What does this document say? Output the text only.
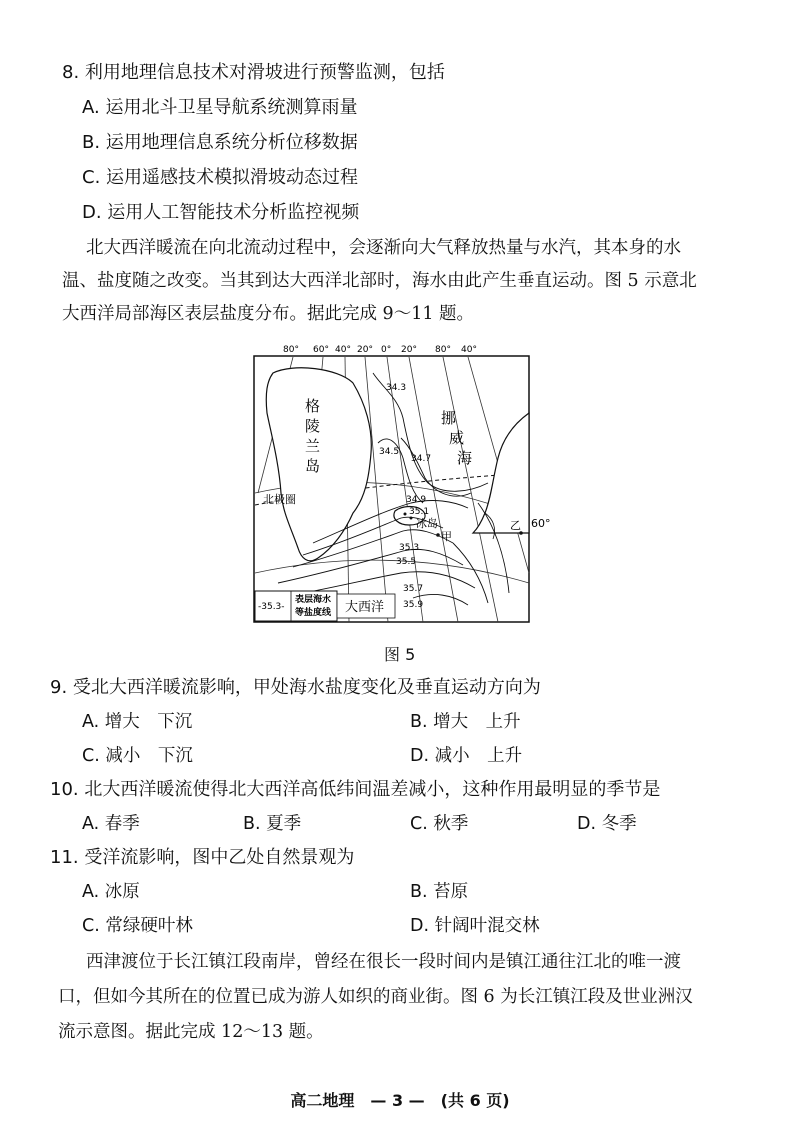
8. 利用地理信息技术对滑坡进行预警监测，包括
A. 运用北斗卫星导航系统测算雨量
B. 运用地理信息系统分析位移数据
C. 运用遥感技术模拟滑坡动态过程
D. 运用人工智能技术分析监控视频
北大西洋暖流在向北流动过程中，会逐渐向大气释放热量与水汽，其本身的水
温、盐度随之改变。当其到达大西洋北部时，海水由此产生垂直运动。图 5 示意北
大西洋局部海区表层盐度分布。据此完成 9～11 题。
80° 60° 40° 20° 0° 20° 80° 40°
34.3
34.5
34.7
34.9
35.1
35.3
35.5
35.7
35.9
格
陵
兰
岛
挪
威
海
北极圈
冰岛
甲
乙 60°
-35.3-
表层海水
等盐度线 大西洋
图 5
9. 受北大西洋暖流影响，甲处海水盐度变化及垂直运动方向为
A. 增大　下沉	B. 增大　上升
C. 减小　下沉	D. 减小　上升
10. 北大西洋暖流使得北大西洋高低纬间温差减小，这种作用最明显的季节是
A. 春季	B. 夏季	C. 秋季	D. 冬季
11. 受洋流影响，图中乙处自然景观为
A. 冰原	B. 苔原
C. 常绿硬叶林	D. 针阔叶混交林
西津渡位于长江镇江段南岸，曾经在很长一段时间内是镇江通往江北的唯一渡
口，但如今其所在的位置已成为游人如织的商业街。图 6 为长江镇江段及世业洲汉
流示意图。据此完成 12～13 题。
高二地理　— 3 —　(共 6 页)
